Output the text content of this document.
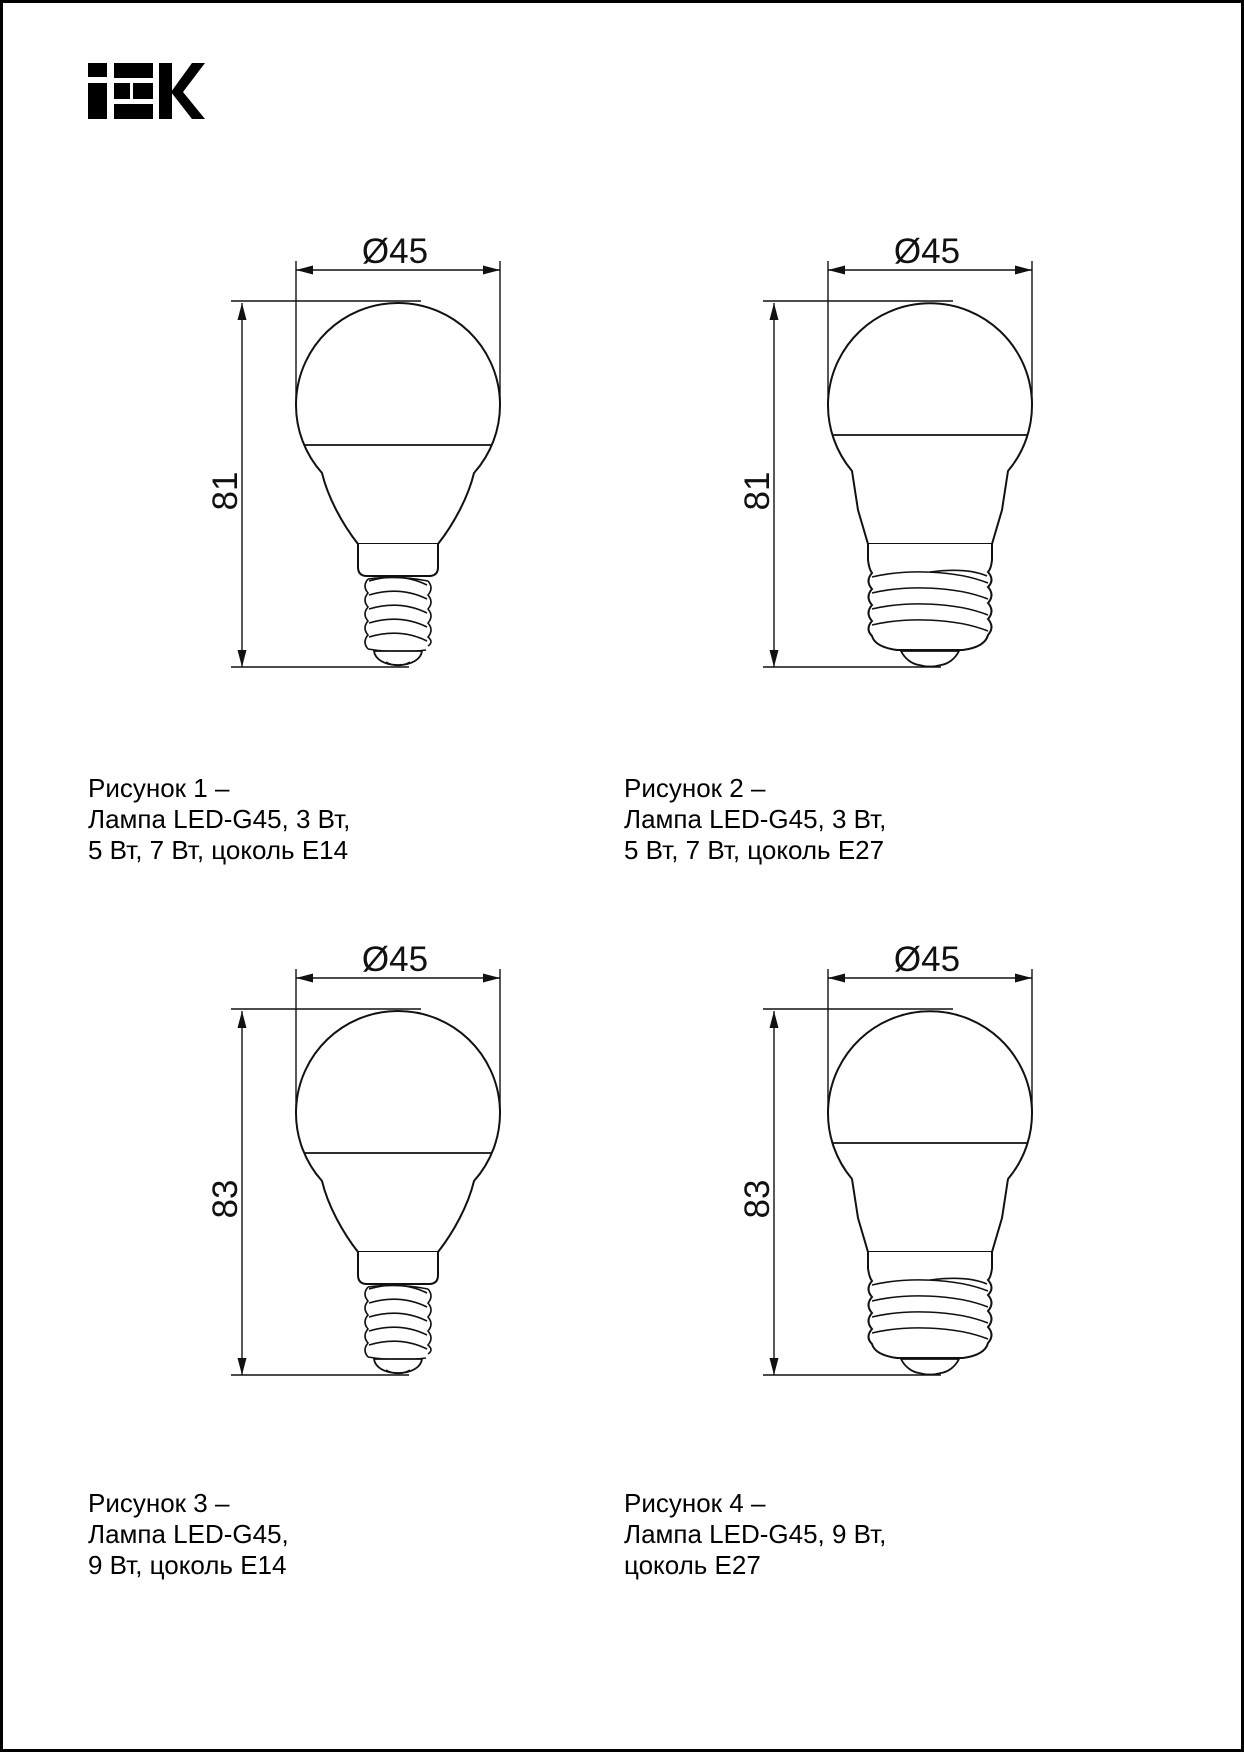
Ø45
81
Рисунок 1 –
Лампа LED-G45, 3 Вт,
5 Вт, 7 Вт, цоколь Е14
Ø45
81
Рисунок 2 –
Лампа LED-G45, 3 Вт,
5 Вт, 7 Вт, цоколь Е27
Ø45
83
Рисунок 3 –
Лампа LED-G45,
9 Вт, цоколь Е14
Ø45
83
Рисунок 4 –
Лампа LED-G45, 9 Вт,
цоколь Е27
